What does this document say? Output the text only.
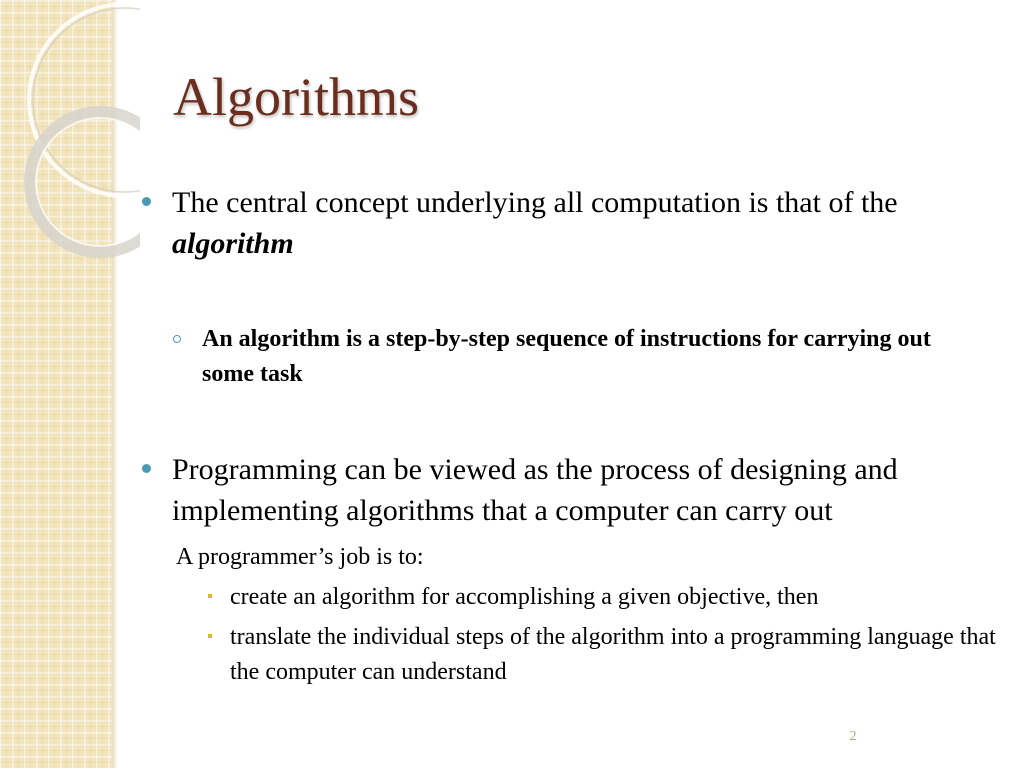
Algorithms

The central concept underlying all computation is that of the algorithm

An algorithm is a step-by-step sequence of instructions for carrying out some task

Programming can be viewed as the process of designing and implementing algorithms that a computer can carry out

A programmer’s job is to:

create an algorithm for accomplishing a given objective, then

translate the individual steps of the algorithm into a programming language that the computer can understand

2
